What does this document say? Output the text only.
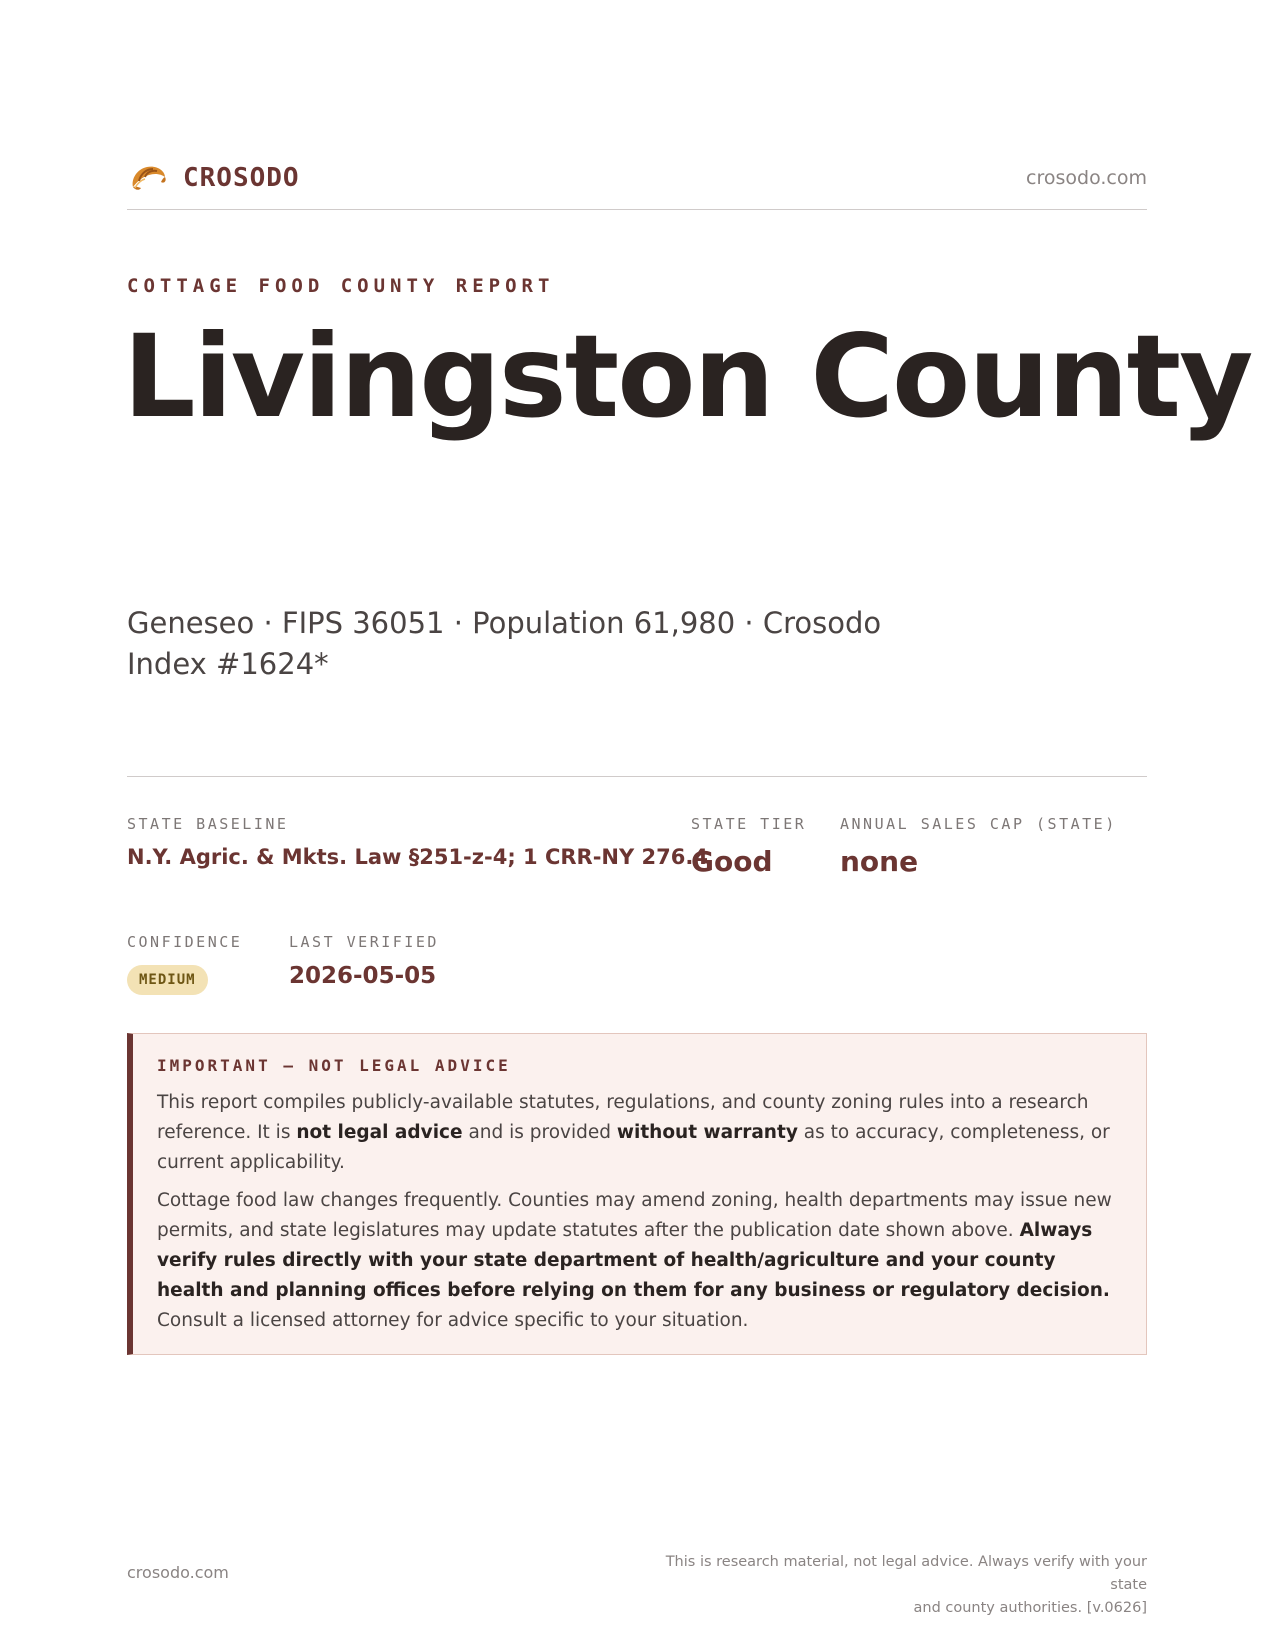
CROSODO	crosodo.com
COTTAGE FOOD COUNTY REPORT
Livingston County
Geneseo · FIPS 36051 · Population 61,980 · Crosodo Index #1624*
STATE BASELINE
N.Y. Agric. & Mkts. Law §251-z-4; 1 CRR-NY 276.4
STATE TIER
Good
ANNUAL SALES CAP (STATE)
none
CONFIDENCE
MEDIUM
LAST VERIFIED
2026-05-05
IMPORTANT — NOT LEGAL ADVICE

This report compiles publicly-available statutes, regulations, and county zoning rules into a research reference. It is not legal advice and is provided without warranty as to accuracy, completeness, or current applicability.

Cottage food law changes frequently. Counties may amend zoning, health departments may issue new permits, and state legislatures may update statutes after the publication date shown above. Always verify rules directly with your state department of health/agriculture and your county health and planning offices before relying on them for any business or regulatory decision. Consult a licensed attorney for advice specific to your situation.

crosodo.com
This is research material, not legal advice. Always verify with your state
and county authorities. [v.0626]
